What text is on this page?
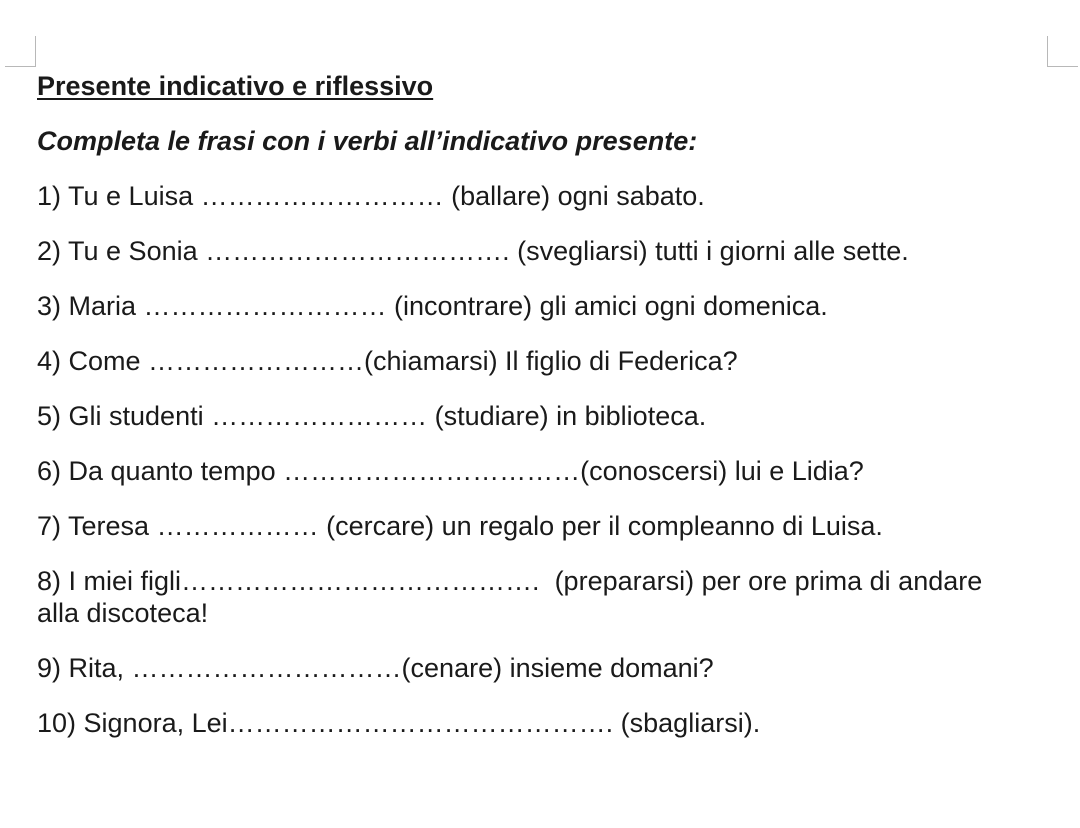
Presente indicativo e riflessivo

Completa le frasi con i verbi all’indicativo presente:

1) Tu e Luisa ……………………… (ballare) ogni sabato.
2) Tu e Sonia ……………………………. (svegliarsi) tutti i giorni alle sette.
3) Maria ……………………… (incontrare) gli amici ogni domenica.
4) Come ……………………(chiamarsi) Il figlio di Federica?
5) Gli studenti …………………… (studiare) in biblioteca.
6) Da quanto tempo ……………………………(conoscersi) lui e Lidia?
7) Teresa ……………… (cercare) un regalo per il compleanno di Luisa.
8) I miei figli………………………………….  (prepararsi) per ore prima di andare alla discoteca!
9) Rita, …………………………(cenare) insieme domani?
10) Signora, Lei……………………………………. (sbagliarsi).
